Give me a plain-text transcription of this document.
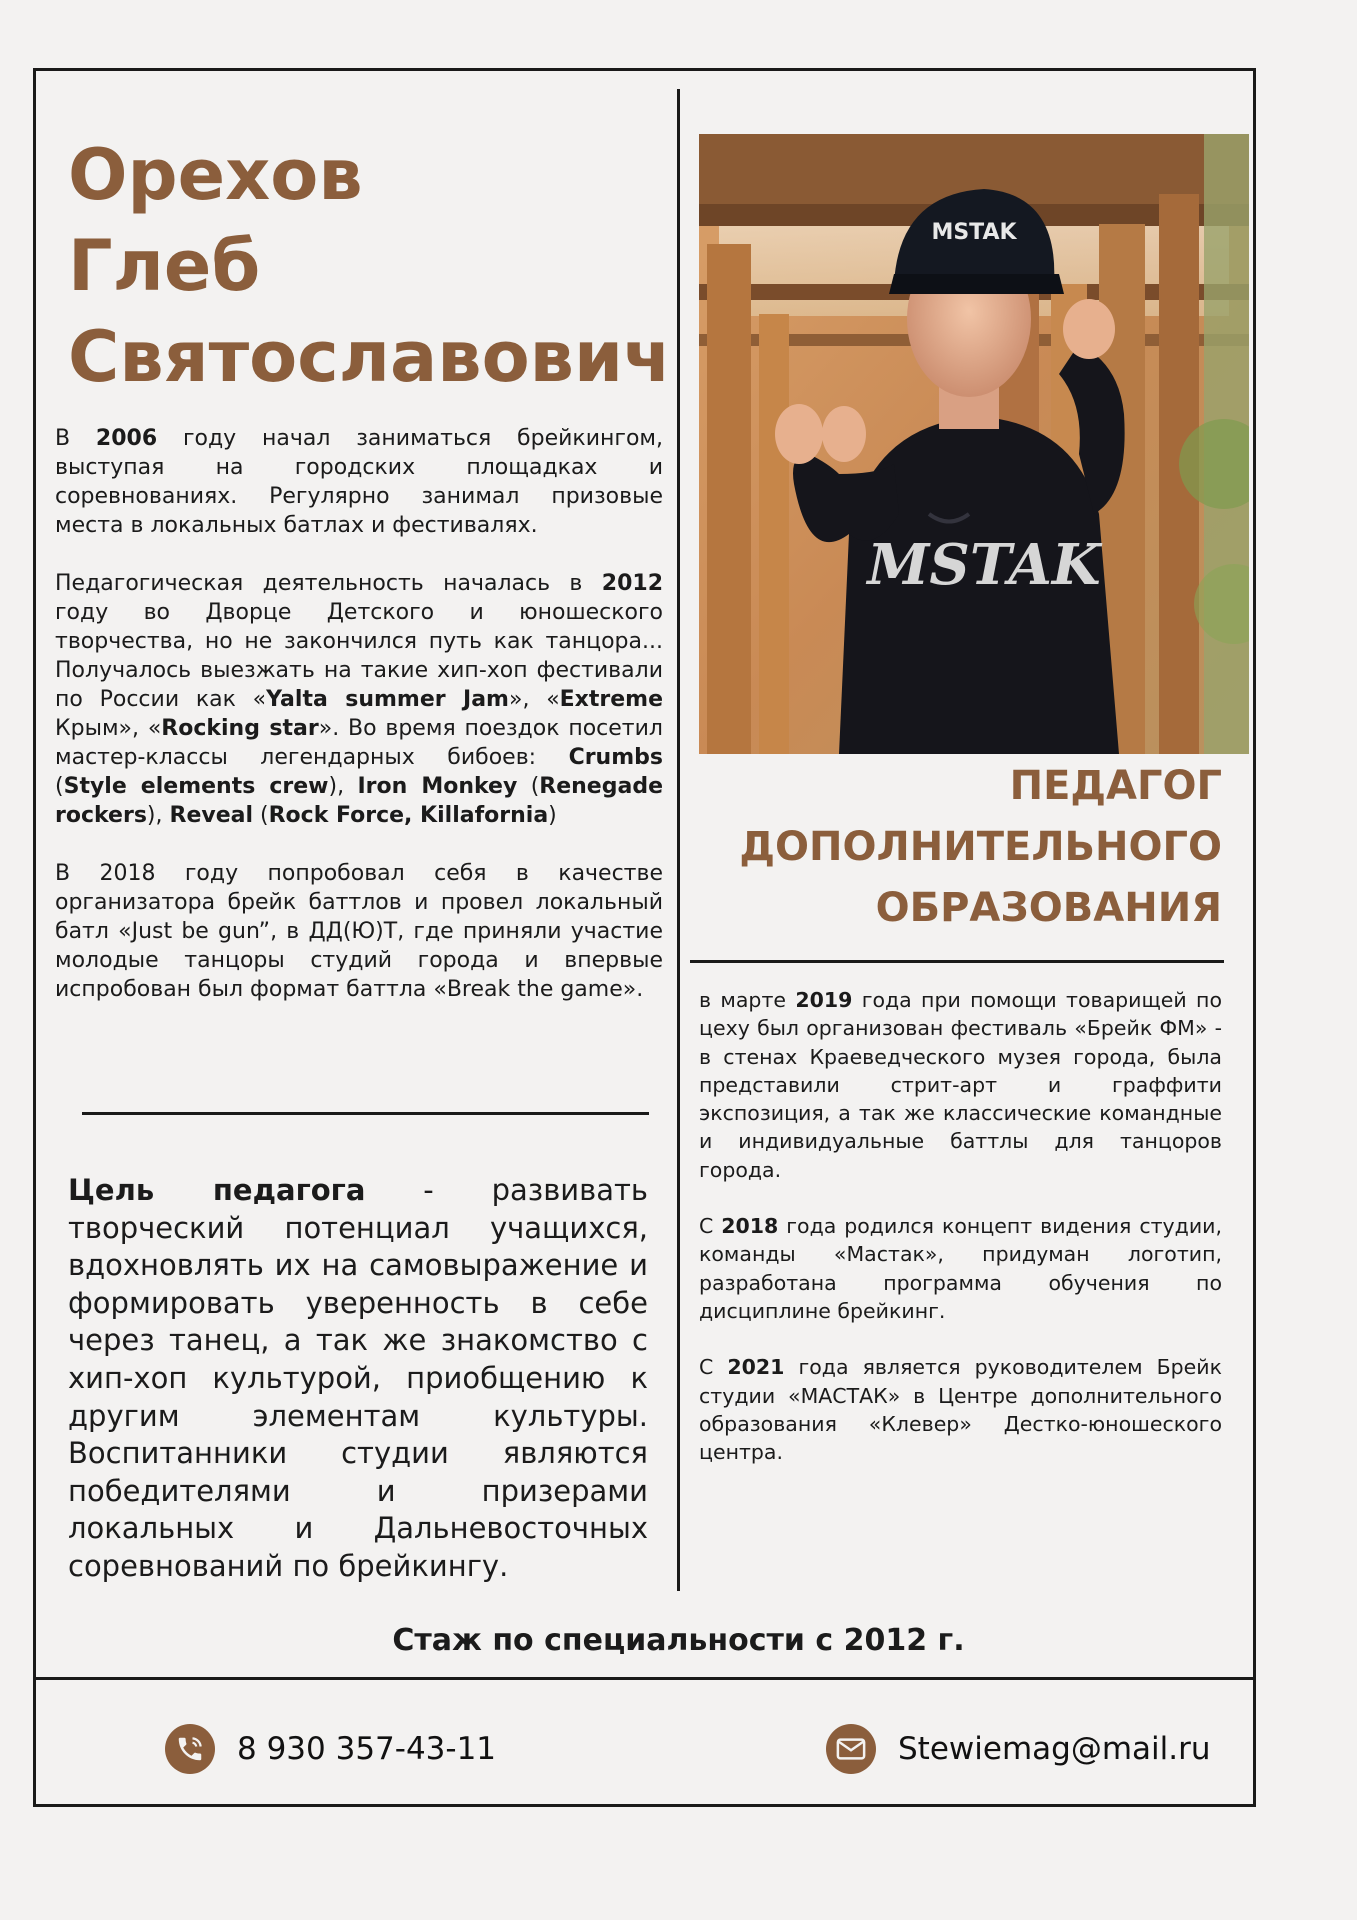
Орехов
Глеб
Святославович

В 2006 году начал заниматься брейкингом, выступая на городских площадках и соревнованиях. Регулярно занимал призовые места в локальных батлах и фестивалях.

Педагогическая деятельность началась в 2012 году во Дворце Детского и юношеского творчества, но не закончился путь как танцора... Получалось выезжать на такие хип-хоп фестивали по России как «Yalta summer Jam», «Extreme Крым», «Rocking star». Во время поездок посетил мастер-классы легендарных бибоев: Crumbs (Style elements crew), Iron Monkey (Renegade rockers), Reveal (Rock Force, Killafornia)

В 2018 году попробовал себя в качестве организатора брейк баттлов и провел локальный батл «Just be gun”, в ДД(Ю)Т, где приняли участие молодые танцоры студий города и впервые испробован был формат баттла «Break the game».

Цель педагога - развивать творческий потенциал учащихся, вдохновлять их на самовыражение и формировать уверенность в себе через танец, а так же знакомство с хип-хоп культурой, приобщению к другим элементам культуры. Воспитанники студии являются победителями и призерами локальных и Дальневосточных соревнований по брейкингу.

MSTAK
MSTAK
ПЕДАГОГ
ДОПОЛНИТЕЛЬНОГО
ОБРАЗОВАНИЯ

в марте 2019 года при помощи товарищей по цеху был организован фестиваль «Брейк ФМ» - в стенах Краеведческого музея города, была представили стрит-арт и граффити экспозиция, а так же классические командные и индивидуальные баттлы для танцоров города.

С 2018 года родился концепт видения студии, команды «Мастак», придуман логотип, разработана программа обучения по дисциплине брейкинг.

С 2021 года является руководителем Брейк студии «МАСТАК» в Центре дополнительного образования «Клевер» Дестко-юношеского центра.

Стаж по специальности с 2012 г.
8 930 357-43-11	Stewiemag@mail.ru
